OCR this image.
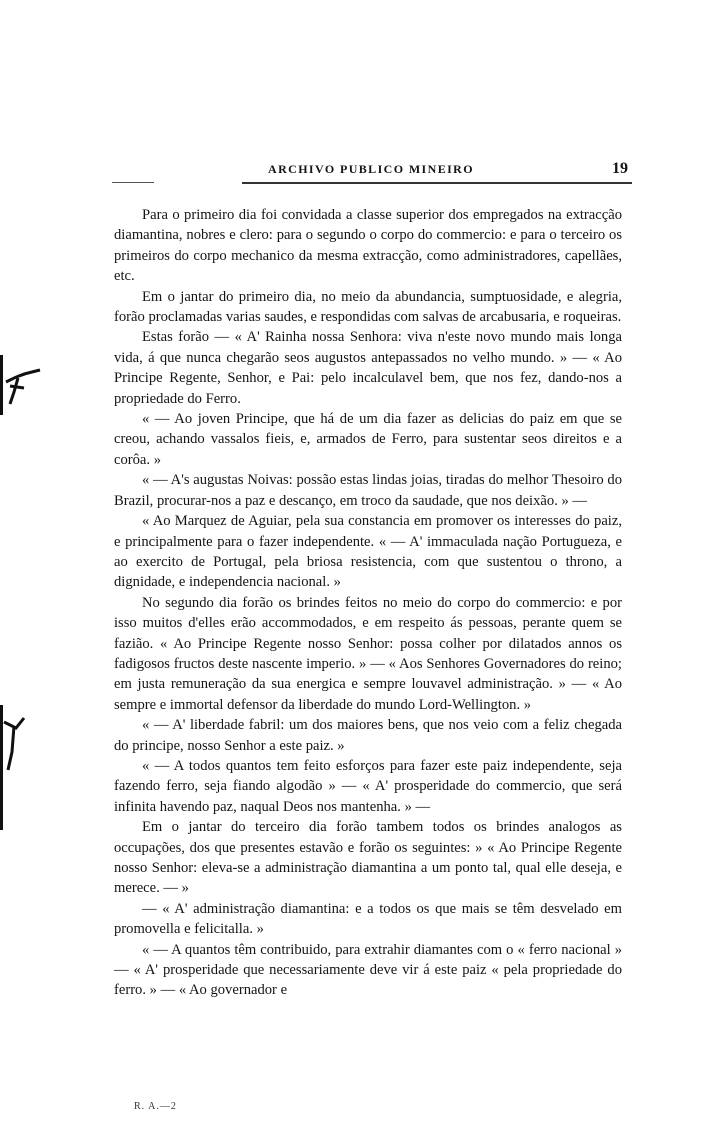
ARCHIVO PUBLICO MINEIRO	19

Para o primeiro dia foi convidada a classe superior dos empregados na extracção diamantina, nobres e clero: para o segundo o corpo do commercio: e para o terceiro os primeiros do corpo mechanico da mesma extracção, como administradores, capellães, etc.

Em o jantar do primeiro dia, no meio da abundancia, sumptuosidade, e alegria, forão proclamadas varias saudes, e respondidas com salvas de arcabusaria, e roqueiras.

Estas forão — « A' Rainha nossa Senhora: viva n'este novo mundo mais longa vida, á que nunca chegarão seos augustos antepassados no velho mundo. » — « Ao Principe Regente, Senhor, e Pai: pelo incalculavel bem, que nos fez, dando-nos a propriedade do Ferro.

« — Ao joven Principe, que há de um dia fazer as delicias do paiz em que se creou, achando vassalos fieis, e, armados de Ferro, para sustentar seos direitos e a corôa. »

« — A's augustas Noivas: possão estas lindas joias, tiradas do melhor Thesoiro do Brazil, procurar-nos a paz e descanço, em troco da saudade, que nos deixão. » —

« Ao Marquez de Aguiar, pela sua constancia em promover os interesses do paiz, e principalmente para o fazer independente. « — A' immaculada nação Portugueza, e ao exercito de Portugal, pela briosa resistencia, com que sustentou o throno, a dignidade, e independencia nacional. »

No segundo dia forão os brindes feitos no meio do corpo do commercio: e por isso muitos d'elles erão accommodados, e em respeito ás pessoas, perante quem se fazião. « Ao Principe Regente nosso Senhor: possa colher por dilatados annos os fadigosos fructos deste nascente imperio. » — « Aos Senhores Governadores do reino; em justa remuneração da sua energica e sempre louvavel administração. » — « Ao sempre e immortal defensor da liberdade do mundo Lord-Wellington. »

« — A' liberdade fabril: um dos maiores bens, que nos veio com a feliz chegada do principe, nosso Senhor a este paiz. »

« — A todos quantos tem feito esforços para fazer este paiz independente, seja fazendo ferro, seja fiando algodão » — « A' prosperidade do commercio, que será infinita havendo paz, naqual Deos nos mantenha. » —

Em o jantar do terceiro dia forão tambem todos os brindes analogos as occupações, dos que presentes estavão e forão os seguintes: » « Ao Principe Regente nosso Senhor: eleva-se a administração diamantina a um ponto tal, qual elle deseja, e merece. — »

— « A' administração diamantina: e a todos os que mais se têm desvelado em promovella e felicitalla. »

« — A quantos têm contribuido, para extrahir diamantes com o « ferro nacional » — « A' prosperidade que necessariamente deve vir á este paiz « pela propriedade do ferro. » — « Ao governador e

R. A.—2
